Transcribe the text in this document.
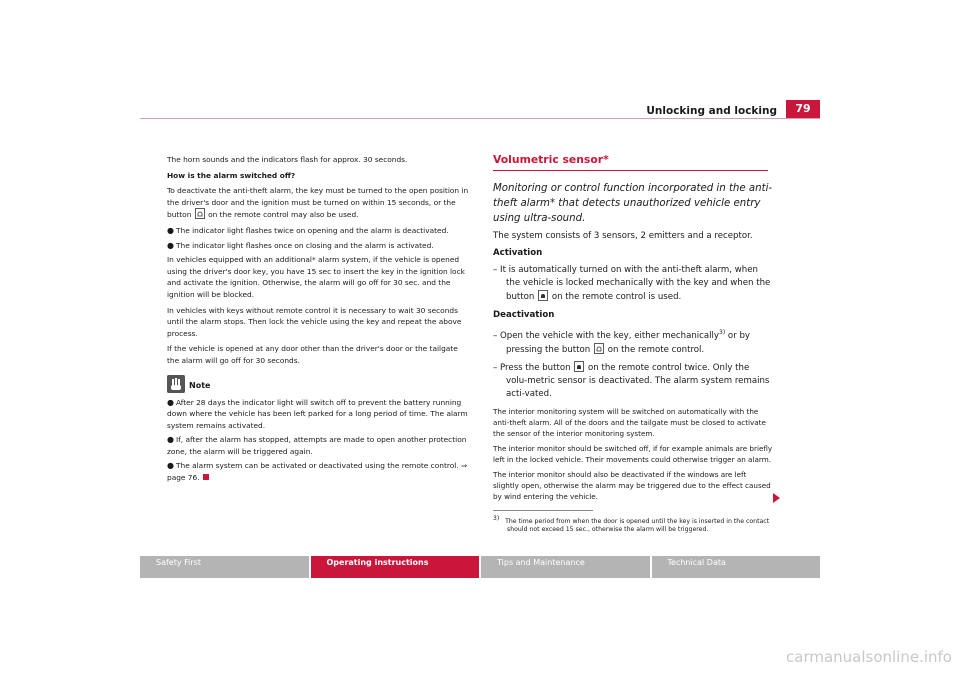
Unlocking and locking	79

The horn sounds and the indicators flash for approx. 30 seconds.

How is the alarm switched off?

To deactivate the anti-theft alarm, the key must be turned to the open position in the driver's door and the ignition must be turned on within 15 seconds, or the button on the remote control may also be used.

● The indicator light flashes twice on opening and the alarm is deactivated.
● The indicator light flashes once on closing and the alarm is activated.

In vehicles equipped with an additional* alarm system, if the vehicle is opened using the driver's door key, you have 15 sec to insert the key in the ignition lock and activate the ignition. Otherwise, the alarm will go off for 30 sec. and the ignition will be blocked.

In vehicles with keys without remote control it is necessary to wait 30 seconds until the alarm stops. Then lock the vehicle using the key and repeat the above process.

If the vehicle is opened at any door other than the driver's door or the tailgate the alarm will go off for 30 seconds.

Note
● After 28 days the indicator light will switch off to prevent the battery running down where the vehicle has been left parked for a long period of time. The alarm system remains activated.
● If, after the alarm has stopped, attempts are made to open another protection zone, the alarm will be triggered again.
● The alarm system can be activated or deactivated using the remote control. ⇒ page 76.
Volumetric sensor*

Monitoring or control function incorporated in the anti-theft alarm* that detects unauthorized vehicle entry using ultra-sound.

The system consists of 3 sensors, 2 emitters and a receptor.

Activation

– It is automatically turned on with the anti-theft alarm, when the vehicle is locked mechanically with the key and when the button on the remote control is used.

Deactivation

– Open the vehicle with the key, either mechanically$^{3)}$ or by pressing the button on the remote control.

– Press the button on the remote control twice. Only the volu-metric sensor is deactivated. The alarm system remains acti-vated.

The interior monitoring system will be switched on automatically with the anti-theft alarm. All of the doors and the tailgate must be closed to activate the sensor of the interior monitoring system.

The interior monitor should be switched off, if for example animals are briefly left in the locked vehicle. Their movements could otherwise trigger an alarm.

The interior monitor should also be deactivated if the windows are left slightly open, otherwise the alarm may be triggered due to the effect caused by wind entering the vehicle.

$^{3)}$ The time period from when the door is opened until the key is inserted in the contact should not exceed 15 sec., otherwise the alarm will be triggered.
Safety First	Operating instructions	Tips and Maintenance	Technical Data
carmanualsonline.info
